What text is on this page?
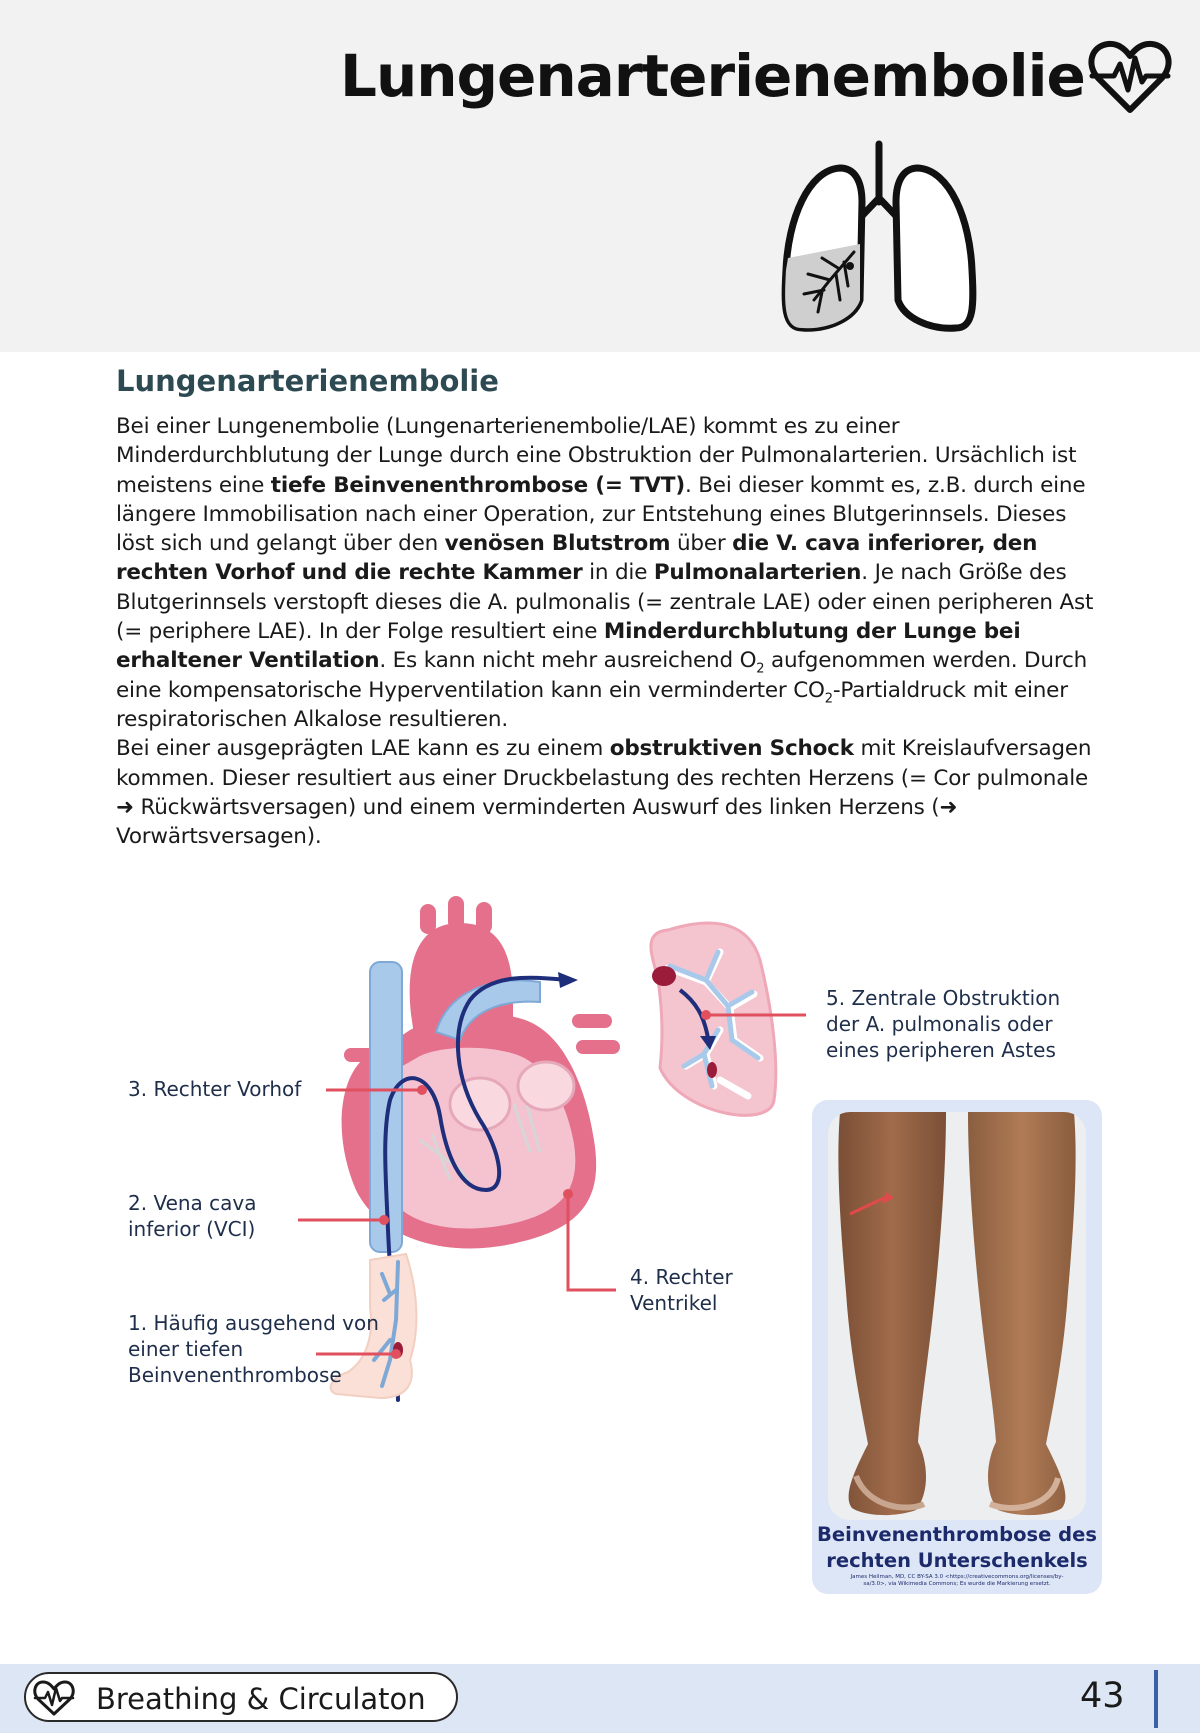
Lungenarterienembolie
Lungenarterienembolie

Bei einer Lungenembolie (Lungenarterienembolie/LAE) kommt es zu einer Minderdurchblutung der Lunge durch eine Obstruktion der Pulmonalarterien. Ursächlich ist meistens eine tiefe Beinvenenthrombose (= TVT). Bei dieser kommt es, z.B. durch eine längere Immobilisation nach einer Operation, zur Entstehung eines Blutgerinnsels. Dieses löst sich und gelangt über den venösen Blutstrom über die V. cava inferiorer, den rechten Vorhof und die rechte Kammer in die Pulmonalarterien. Je nach Größe des Blutgerinnsels verstopft dieses die A. pulmonalis (= zentrale LAE) oder einen peripheren Ast (= periphere LAE). In der Folge resultiert eine Minderdurchblutung der Lunge bei erhaltener Ventilation. Es kann nicht mehr ausreichend $O_2$ aufgenommen werden. Durch eine kompensatorische Hyperventilation kann ein verminderter $CO_2$-Partialdruck mit einer respiratorischen Alkalose resultieren.

Bei einer ausgeprägten LAE kann es zu einem obstruktiven Schock mit Kreislaufversagen kommen. Dieser resultiert aus einer Druckbelastung des rechten Herzens (= Cor pulmonale ➜ Rückwärtsversagen) und einem verminderten Auswurf des linken Herzens (➜ Vorwärtsversagen).

3. Rechter Vorhof
2. Vena cava
inferior (VCI)
1. Häufig ausgehend von
einer tiefen
Beinvenenthrombose
4. Rechter
Ventrikel
5. Zentrale Obstruktion
der A. pulmonalis oder
eines peripheren Astes
Beinvenenthrombose des
rechten Unterschenkels
James Heilman, MD, CC BY-SA 3.0 <https://creativecommons.org/licenses/by-
sa/3.0>, via Wikimedia Commons; Es wurde die Markierung ersetzt.
Breathing & Circulaton	43
